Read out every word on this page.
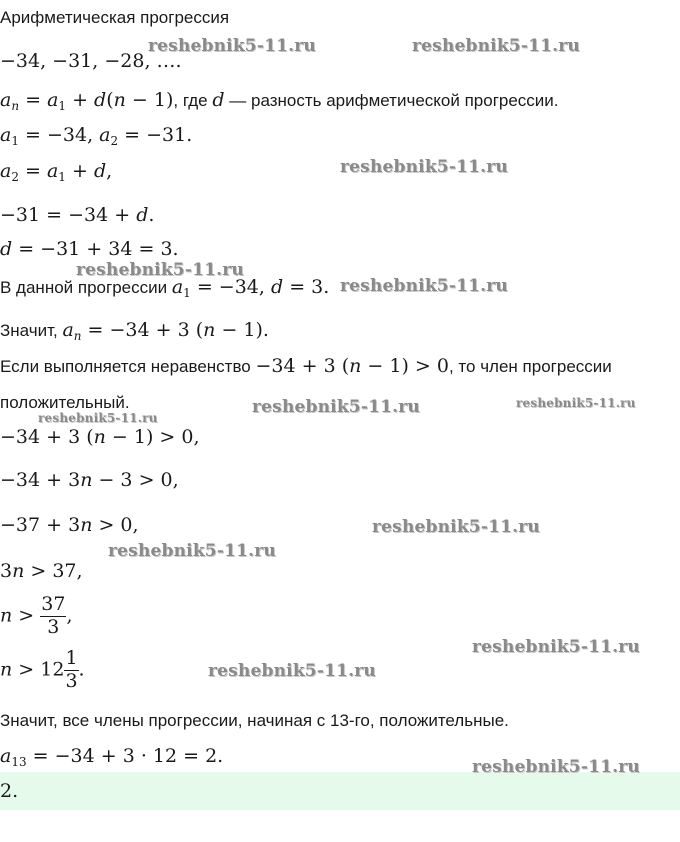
Арифметическая прогрессия
−34, −31, −28, ….
$a_n = a_1 + d(n - 1)$, где d — разность арифметической прогрессии.
$a_1 = -34$, $a_2 = -31$.
$a_2 = a_1 + d$,
−31 = −34 + d.
d = −31 + 34 = 3.
В данной прогрессии $a_1 = -34$, d = 3.
Значит, $a_n = -34 + 3$ (n − 1).
Если выполняется неравенство −34 + 3 (n − 1) > 0, то член прогрессии
положительный.
−34 + 3 (n − 1) > 0,
−34 + 3n − 3 > 0,
−37 + 3n > 0,
3n > 37,
$n > \frac{37}{3}$ ,
$n > 12 \frac{1}{3}$ .
Значит, все члены прогрессии, начиная с 13-го, положительные.
$a_{13} = -34 + 3 \cdot 12 = 2$.
2.
reshebnik5-11.ru	reshebnik5-11.ru
reshebnik5-11.ru
reshebnik5-11.ru
reshebnik5-11.ru
reshebnik5-11.ru	reshebnik5-11.ru
reshebnik5-11.ru
reshebnik5-11.ru
reshebnik5-11.ru
reshebnik5-11.ru
reshebnik5-11.ru
reshebnik5-11.ru
